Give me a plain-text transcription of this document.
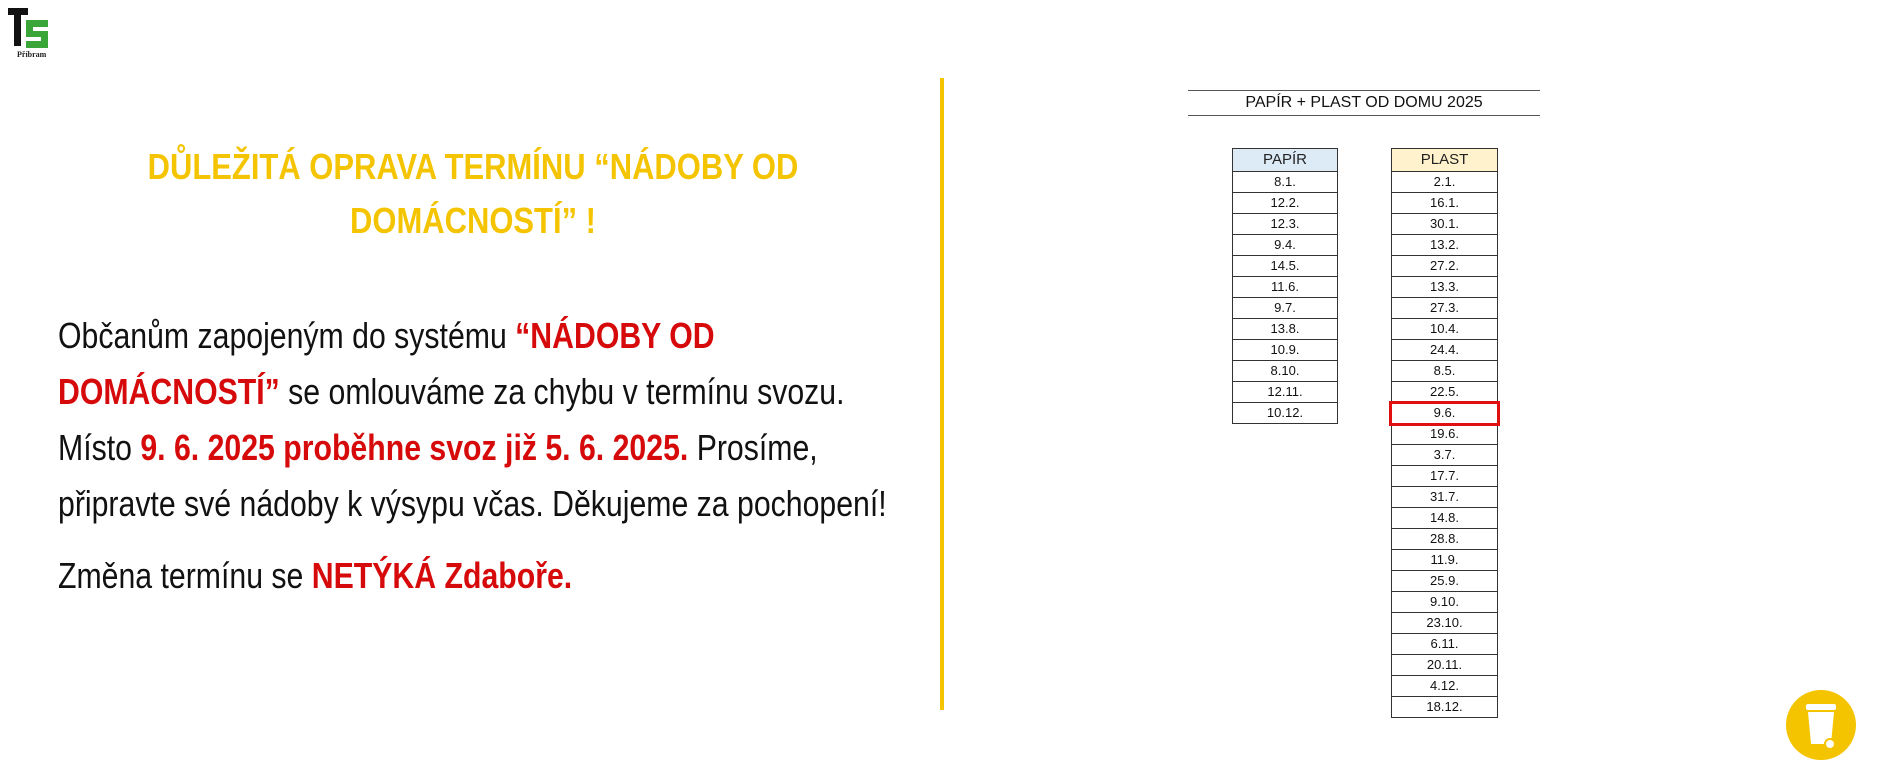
Příbram
DŮLEŽITÁ OPRAVA TERMÍNU “NÁDOBY OD
DOMÁCNOSTÍ” !
Občanům zapojeným do systému “NÁDOBY OD DOMÁCNOSTÍ” se omlouváme za chybu v termínu svozu. Místo 9. 6. 2025 proběhne svoz již 5. 6. 2025. Prosíme, připravte své nádoby k výsypu včas. Děkujeme za pochopení!
Změna termínu se NETÝKÁ Zdaboře.
PAPÍR + PLAST OD DOMU 2025
PAPÍR
8.1.
12.2.
12.3.
9.4.
14.5.
11.6.
9.7.
13.8.
10.9.
8.10.
12.11.
10.12.
PLAST
2.1.
16.1.
30.1.
13.2.
27.2.
13.3.
27.3.
10.4.
24.4.
8.5.
22.5.
9.6.
19.6.
3.7.
17.7.
31.7.
14.8.
28.8.
11.9.
25.9.
9.10.
23.10.
6.11.
20.11.
4.12.
18.12.
